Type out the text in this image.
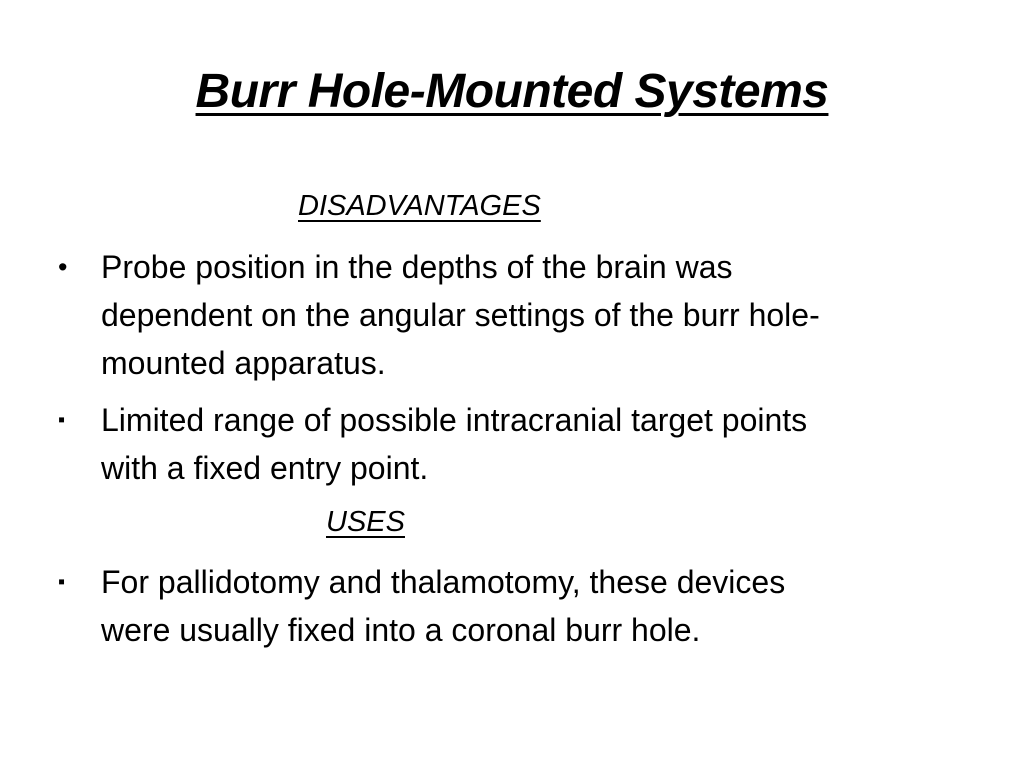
Burr Hole-Mounted Systems
DISADVANTAGES
•	Probe position in the depths of the brain was
dependent on the angular settings of the burr hole-
mounted apparatus.

▪	Limited range of possible intracranial target points
with a fixed entry point.

USES
▪	For pallidotomy and thalamotomy, these devices
were usually fixed into a coronal burr hole.
